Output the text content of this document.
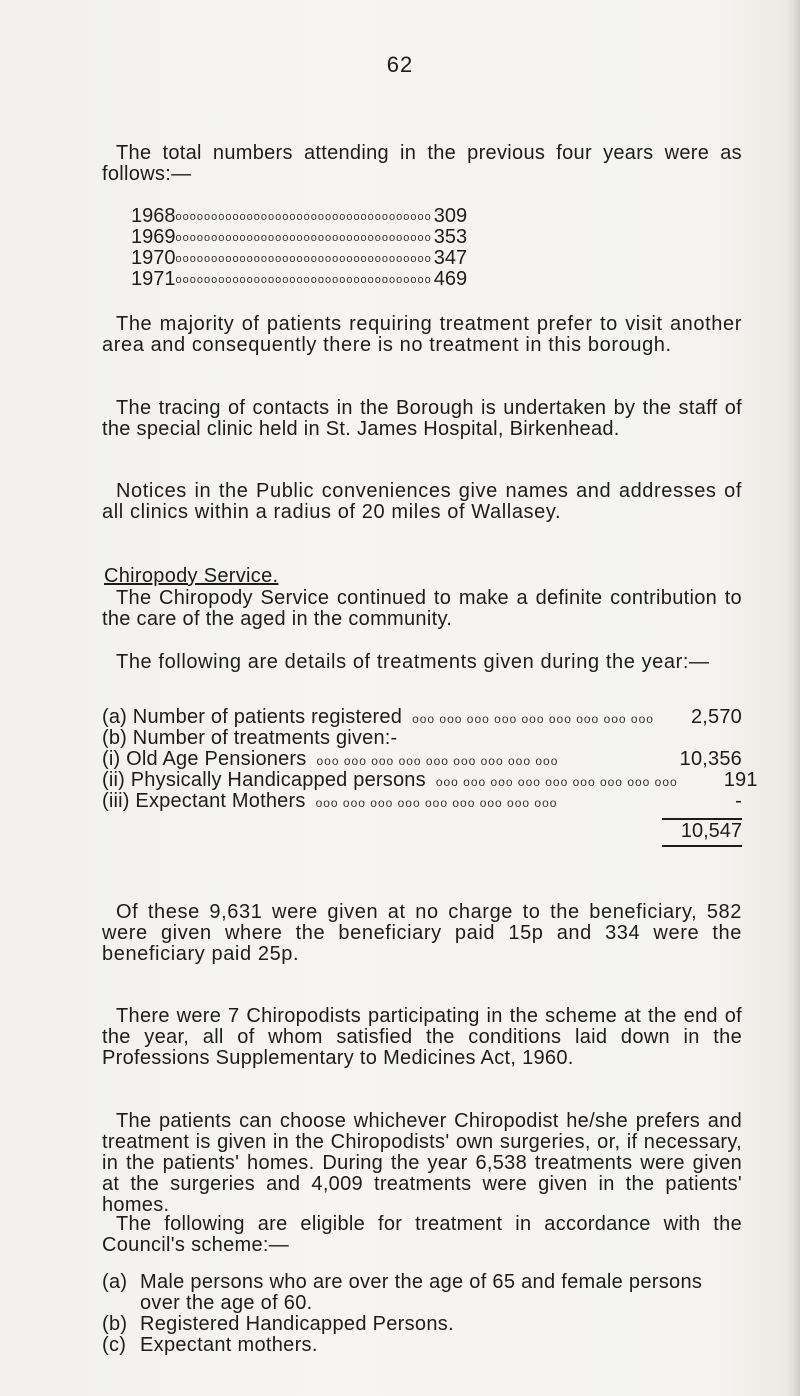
62

The total numbers attending in the previous four years were as follows:—

1968 oooooooooooooooooooooooooooooooooooo 309
1969 oooooooooooooooooooooooooooooooooooo 353
1970 oooooooooooooooooooooooooooooooooooo 347
1971 oooooooooooooooooooooooooooooooooooo 469

The majority of patients requiring treatment prefer to visit another area and consequently there is no treatment in this borough.

The tracing of contacts in the Borough is undertaken by the staff of the special clinic held in St. James Hospital, Birkenhead.

Notices in the Public conveniences give names and addresses of all clinics within a radius of 20 miles of Wallasey.

Chiropody Service.

The Chiropody Service continued to make a definite contribution to the care of the aged in the community.

The following are details of treatments given during the year:—

(a) Number of patients registered ooo ooo ooo ooo ooo ooo ooo ooo ooo	2,570
(b) Number of treatments given:-
(i) Old Age Pensioners ooo ooo ooo ooo ooo ooo ooo ooo ooo	10,356
(ii) Physically Handicapped persons ooo ooo ooo ooo ooo ooo ooo ooo ooo	191
(iii) Expectant Mothers ooo ooo ooo ooo ooo ooo ooo ooo ooo	-
10,547

Of these 9,631 were given at no charge to the beneficiary, 582 were given where the beneficiary paid 15p and 334 were the beneficiary paid 25p.

There were 7 Chiropodists participating in the scheme at the end of the year, all of whom satisfied the conditions laid down in the Professions Supplementary to Medicines Act, 1960.

The patients can choose whichever Chiropodist he/she prefers and treatment is given in the Chiropodists' own surgeries, or, if necessary, in the patients' homes. During the year 6,538 treatments were given at the surgeries and 4,009 treatments were given in the patients' homes.

The following are eligible for treatment in accordance with the Council's scheme:—

(a) Male persons who are over the age of 65 and female persons over the age of 60.
(b) Registered Handicapped Persons.
(c) Expectant mothers.
